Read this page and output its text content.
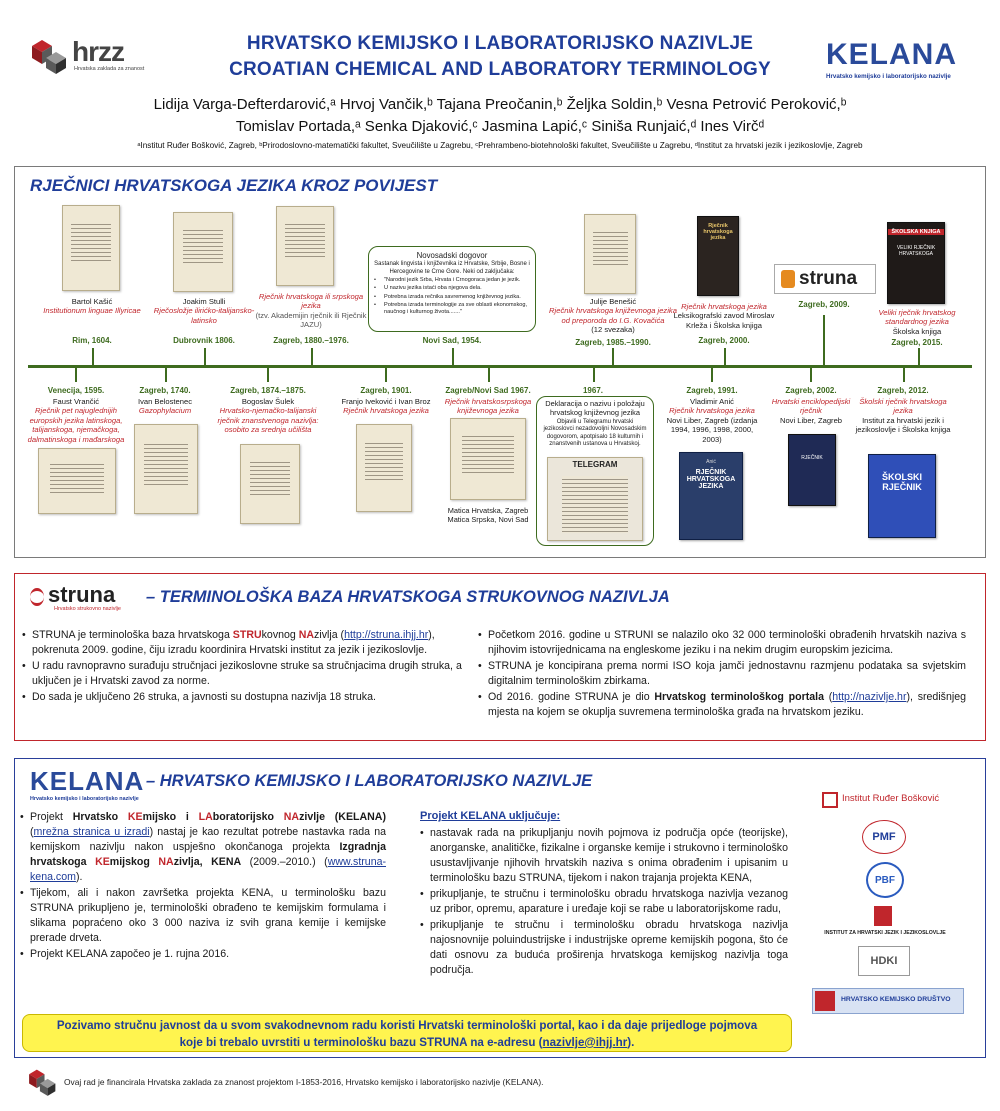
hrzz
Hrvatska zaklada za znanost
HRVATSKO KEMIJSKO I LABORATORIJSKO NAZIVLJE
CROATIAN CHEMICAL AND LABORATORY TERMINOLOGY	KELANA
Hrvatsko kemijsko i laboratorijsko nazivlje
Lidija Varga-Defterdarović,ᵃ Hrvoj Vančik,ᵇ Tajana Preočanin,ᵇ Željka Soldin,ᵇ Vesna Petrović Peroković,ᵇ
Tomislav Portada,ᵃ Senka Djaković,ᶜ Jasmina Lapić,ᶜ Siniša Runjaić,ᵈ Ines Virčᵈ
ᵃInstitut Ruđer Bošković, Zagreb, ᵇPrirodoslovno-matematički fakultet, Sveučilište u Zagrebu, ᶜPrehrambeno-biotehnološki fakultet, Sveučilište u Zagrebu, ᵈInstitut za hrvatski jezik i jezikoslovlje, Zagreb
RJEČNICI HRVATSKOGA JEZIKA KROZ POVIJEST
Bartol Kašić
Institutionum linguae Illyricae
Rim, 1604.
Joakim Stulli
Rječosložje ilirićko-italijansko-latinsko
Dubrovnik 1806.
Rječnik hrvatskoga ili srpskoga jezika
(tzv. Akademijin rječnik ili Rječnik JAZU)
Zagreb, 1880.–1976.
Novosadski dogovor
Sastanak lingvista i književnika iz Hrvatske, Srbije, Bosne i Hercegovine te Crne Gore. Neki od zaključaka:
• "Narodni jezik Srba, Hrvata i Crnogoraca jedan je jezik.
• U nazivu jezika istaći oba njegova dela.
• Potrebna izrada rečnika savremenog književnog jezika.
• Potrebna izrada terminologije za sve oblasti ekonomskog, naučnog i kulturnog života......."
Novi Sad, 1954.
Julije Benešić
Rječnik hrvatskoga književnoga jezika od preporoda do I.G. Kovačića
(12 svezaka)
Zagreb, 1985.–1990.
Rječnik hrvatskoga jezika
Rječnik hrvatskoga jezika
Leksikografski zavod Miroslav Krleža i Školska knjiga
Zagreb, 2000.
struna
Zagreb, 2009.
ŠKOLSKA KNJIGA
VELIKI RJEČNIK HRVATSKOGA
Veliki rječnik hrvatskog standardnog jezika
Školska knjiga
Zagreb, 2015.
Venecija, 1595.
Faust Vrančić
Rječnik pet najuglednijih europskih jezika latinskoga, talijanskoga, njemačkoga, dalmatinskoga i mađarskoga
Zagreb, 1740.
Ivan Belostenec
Gazophylacium
Zagreb, 1874.–1875.
Bogoslav Šulek
Hrvatsko-njemačko-talijanski rječnik znanstvenoga nazivlja: osobito za srednja učilišta
Zagreb, 1901.
Franjo Iveković i Ivan Broz
Rječnik hrvatskoga jezika
Zagreb/Novi Sad 1967.
Rječnik hrvatskosrpskoga književnoga jezika
Matica Hrvatska, Zagreb Matica Srpska, Novi Sad
1967.
Deklaracija o nazivu i položaju hrvatskog književnog jezika
Objavili u Telegramu hrvatski jezikoslovci nezadovoljni Novosadskim dogovorom, apotpisalo 18 kulturnih i znanstvenih ustanova u Hrvatskoj.
TELEGRAM
Zagreb, 1991.
Vladimir Anić
Rječnik hrvatskoga jezika
Novi Liber, Zagreb (izdanja 1994, 1996, 1998, 2000, 2003)
Anić
RJEČNIK HRVATSKOGA JEZIKA
Zagreb, 2002.
Hrvatski enciklopedijski rječnik
Novi Liber, Zagreb
RJEČNIK
Zagreb, 2012.
Školski rječnik hrvatskoga jezika
Institut za hrvatski jezik i jezikoslovlje i Školska knjiga
ŠKOLSKI RJEČNIK
struna
Hrvatsko strukovno nazivlje
– TERMINOLOŠKA BAZA HRVATSKOGA STRUKOVNOG NAZIVLJA
• STRUNA je terminološka baza hrvatskoga STRUkovnog NAzivlja (http://struna.ihjj.hr), pokrenuta 2009. godine, čiju izradu koordinira Hrvatski institut za jezik i jezikoslovlje.
• U radu ravnopravno surađuju stručnjaci jezikoslovne struke sa stručnjacima drugih struka, a uključen je i Hrvatski zavod za norme.
• Do sada je uključeno 26 struka, a javnosti su dostupna nazivlja 18 struka.
• Početkom 2016. godine u STRUNI se nalazilo oko 32 000 terminološki obrađenih hrvatskih naziva s njihovim istovrijednicama na engleskome jeziku i na nekim drugim europskim jezicima.
• STRUNA je koncipirana prema normi ISO koja jamči jednostavnu razmjenu podataka sa svjetskim digitalnim terminološkim zbirkama.
• Od 2016. godine STRUNA je dio Hrvatskog terminološkog portala (http://nazivlje.hr), središnjeg mjesta na kojem se okuplja suvremena terminološka građa na hrvatskom jeziku.
KELANA
Hrvatsko kemijsko i laboratorijsko nazivlje
– HRVATSKO KEMIJSKO I LABORATORIJSKO NAZIVLJE
• Projekt Hrvatsko KEmijsko i LAboratorijsko NAzivlje (KELANA) (mrežna stranica u izradi) nastaj je kao rezultat potrebe nastavka rada na kemijskom nazivlju nakon uspješno okončanoga projekta Izgradnja hrvatskoga KEmijskog NAzivlja, KENA (2009.–2010.) (www.struna-kena.com).
• Tijekom, ali i nakon završetka projekta KENA, u terminološku bazu STRUNA prikupljeno je, terminološki obrađeno te kemijskim formulama i slikama popraćeno oko 3 000 naziva iz svih grana kemije i kemijske prerade drveta.
• Projekt KELANA započeo je 1. rujna 2016.
Projekt KELANA uključuje:
• nastavak rada na prikupljanju novih pojmova iz područja opće (teorijske), anorganske, analitičke, fizikalne i organske kemije i strukovno i terminološko usustavljivanje njihovih hrvatskih naziva s onima obrađenim i upisanim u terminološku bazu STRUNA, tijekom i nakon trajanja projekta KENA,
• prikupljanje, te stručnu i terminološku obradu hrvatskoga nazivlja vezanog uz pribor, opremu, aparature i uređaje koji se rabe u laboratorijskome radu,
• prikupljanje te stručnu i terminološku obradu hrvatskoga nazivlja najosnovnije poluindustrijske i industrijske opreme kemijskih pogona, što će dati osnovu za buduća proširenja hrvatskoga kemijskog nazivlja toga područja.
Institut Ruđer Bošković
PMF
PBF
INSTITUT ZA HRVATSKI JEZIK I JEZIKOSLOVLJE
HDKI
HRVATSKO KEMIJSKO DRUŠTVO
Pozivamo stručnu javnost da u svom svakodnevnom radu koristi Hrvatski terminološki portal, kao i da daje prijedloge pojmova
koje bi trebalo uvrstiti u terminološku bazu STRUNA na e-adresu (nazivlje@ihjj.hr).
Ovaj rad je financirala Hrvatska zaklada za znanost projektom I-1853-2016, Hrvatsko kemijsko i laboratorijsko nazivlje (KELANA).
